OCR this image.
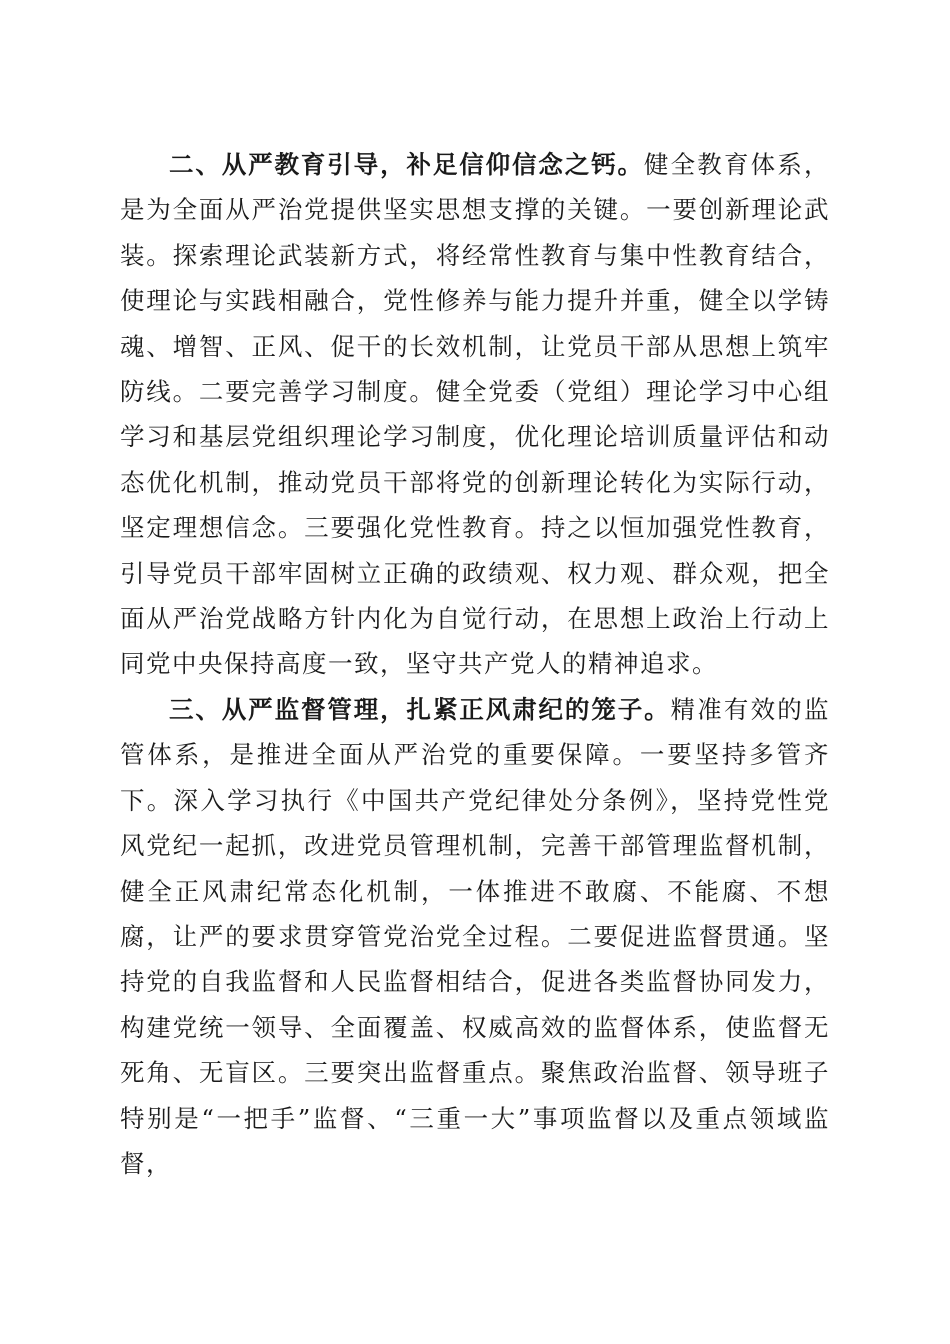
二、从严教育引导，补足信仰信念之钙。健全教育体系，是为全面从严治党提供坚实思想支撑的关键。一要创新理论武装。探索理论武装新方式，将经常性教育与集中性教育结合，使理论与实践相融合，党性修养与能力提升并重，健全以学铸魂、增智、正风、促干的长效机制，让党员干部从思想上筑牢防线。二要完善学习制度。健全党委（党组）理论学习中心组学习和基层党组织理论学习制度，优化理论培训质量评估和动态优化机制，推动党员干部将党的创新理论转化为实际行动，坚定理想信念。三要强化党性教育。持之以恒加强党性教育，引导党员干部牢固树立正确的政绩观、权力观、群众观，把全面从严治党战略方针内化为自觉行动，在思想上政治上行动上同党中央保持高度一致，坚守共产党人的精神追求。

三、从严监督管理，扎紧正风肃纪的笼子。精准有效的监管体系，是推进全面从严治党的重要保障。一要坚持多管齐下。深入学习执行《中国共产党纪律处分条例》，坚持党性党风党纪一起抓，改进党员管理机制，完善干部管理监督机制，健全正风肃纪常态化机制，一体推进不敢腐、不能腐、不想腐，让严的要求贯穿管党治党全过程。二要促进监督贯通。坚持党的自我监督和人民监督相结合，促进各类监督协同发力，构建党统一领导、全面覆盖、权威高效的监督体系，使监督无死角、无盲区。三要突出监督重点。聚焦政治监督、领导班子特别是“一把手”监督、“三重一大”事项监督以及重点领域监督，
